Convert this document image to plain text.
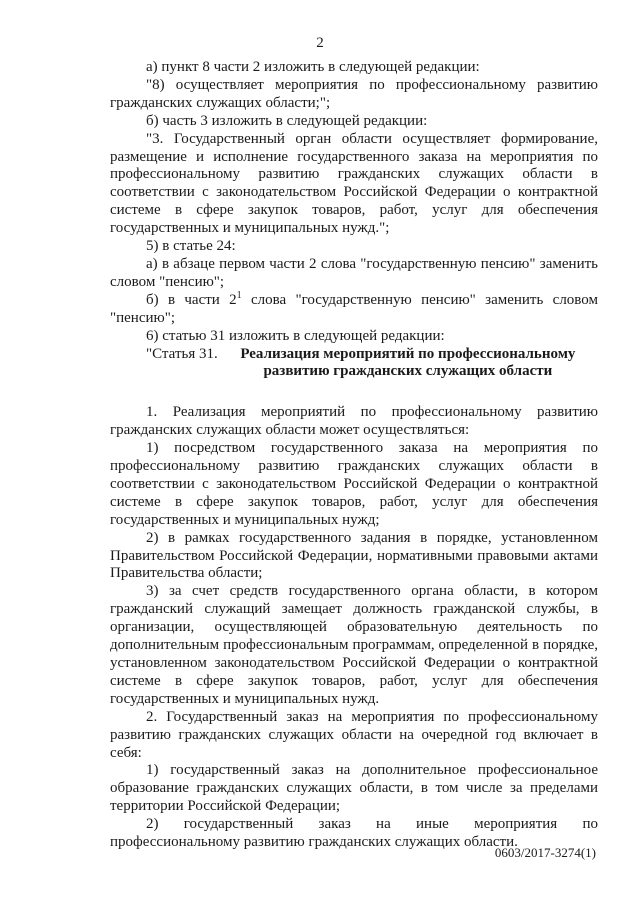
2

а) пункт 8 части 2 изложить в следующей редакции:

"8) осуществляет мероприятия по профессиональному развитию гражданских служащих области;";

б) часть 3 изложить в следующей редакции:

"3. Государственный орган области осуществляет формирование, размещение и исполнение государственного заказа на мероприятия по профессиональному развитию гражданских служащих области в соответствии с законодательством Российской Федерации о контрактной системе в сфере закупок товаров, работ, услуг для обеспечения государственных и муниципальных нужд.";

5) в статье 24:

а) в абзаце первом части 2 слова "государственную пенсию" заменить словом "пенсию";

б) в части $2^1$ слова "государственную пенсию" заменить словом "пенсию";

6) статью 31 изложить в следующей редакции:

"Статья 31.	Реализация мероприятий по профессиональному развитию гражданских служащих области

1. Реализация мероприятий по профессиональному развитию гражданских служащих области может осуществляться:

1) посредством государственного заказа на мероприятия по профессиональному развитию гражданских служащих области в соответствии с законодательством Российской Федерации о контрактной системе в сфере закупок товаров, работ, услуг для обеспечения государственных и муниципальных нужд;

2) в рамках государственного задания в порядке, установленном Правительством Российской Федерации, нормативными правовыми актами Правительства области;

3) за счет средств государственного органа области, в котором гражданский служащий замещает должность гражданской службы, в организации, осуществляющей образовательную деятельность по дополнительным профессиональным программам, определенной в порядке, установленном законодательством Российской Федерации о контрактной системе в сфере закупок товаров, работ, услуг для обеспечения государственных и муниципальных нужд.

2. Государственный заказ на мероприятия по профессиональному развитию гражданских служащих области на очередной год включает в себя:

1) государственный заказ на дополнительное профессиональное образование гражданских служащих области, в том числе за пределами территории Российской Федерации;

2) государственный заказ на иные мероприятия по профессиональному развитию гражданских служащих области.

0603/2017-3274(1)
